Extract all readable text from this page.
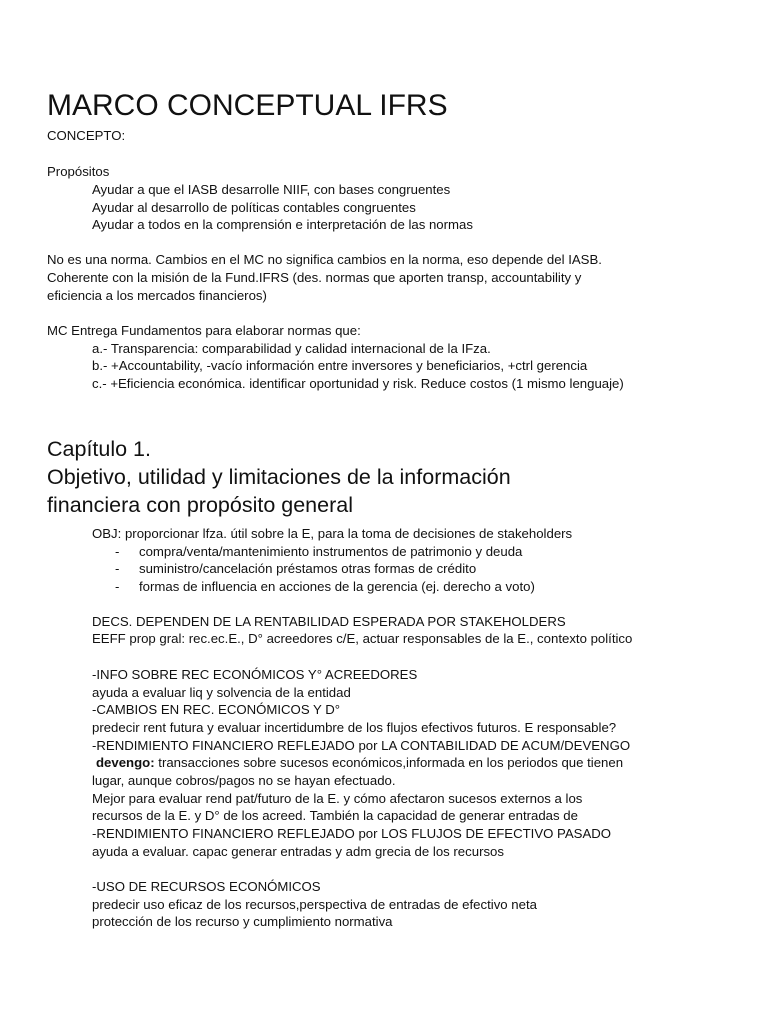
MARCO CONCEPTUAL IFRS
CONCEPTO:
Propósitos
Ayudar a que el IASB desarrolle NIIF, con bases congruentes
Ayudar al desarrollo de políticas contables congruentes
Ayudar a todos en la comprensión e interpretación de las normas
No es una norma. Cambios en el MC no significa cambios en la norma, eso depende del IASB.
Coherente con la misión de la Fund.IFRS (des. normas que aporten transp, accountability y
eficiencia a los mercados financieros)
MC Entrega Fundamentos para elaborar normas que:
a.- Transparencia: comparabilidad y calidad internacional de la IFza.
b.- +Accountability, -vacío información entre inversores y beneficiarios, +ctrl gerencia
c.- +Eficiencia económica. identificar oportunidad y risk. Reduce costos (1 mismo lenguaje)
Capítulo 1.
Objetivo, utilidad y limitaciones de la información
financiera con propósito general
OBJ: proporcionar lfza. útil sobre la E, para la toma de decisiones de stakeholders
- compra/venta/mantenimiento instrumentos de patrimonio y deuda
- suministro/cancelación préstamos otras formas de crédito
- formas de influencia en acciones de la gerencia (ej. derecho a voto)
DECS. DEPENDEN DE LA RENTABILIDAD ESPERADA POR STAKEHOLDERS
EEFF prop gral: rec.ec.E., D° acreedores c/E, actuar responsables de la E., contexto político
-INFO SOBRE REC ECONÓMICOS Y° ACREEDORES
ayuda a evaluar liq y solvencia de la entidad
-CAMBIOS EN REC. ECONÓMICOS Y D°
predecir rent futura y evaluar incertidumbre de los flujos efectivos futuros. E responsable?
-RENDIMIENTO FINANCIERO REFLEJADO por LA CONTABILIDAD DE ACUM/DEVENGO
devengo: transacciones sobre sucesos económicos,informada en los periodos que tienen
lugar, aunque cobros/pagos no se hayan efectuado.
Mejor para evaluar rend pat/futuro de la E. y cómo afectaron sucesos externos a los
recursos de la E. y D° de los acreed. También la capacidad de generar entradas de
-RENDIMIENTO FINANCIERO REFLEJADO por LOS FLUJOS DE EFECTIVO PASADO
ayuda a evaluar. capac generar entradas y adm grecia de los recursos
-USO DE RECURSOS ECONÓMICOS
predecir uso eficaz de los recursos,perspectiva de entradas de efectivo neta
protección de los recurso y cumplimiento normativa
